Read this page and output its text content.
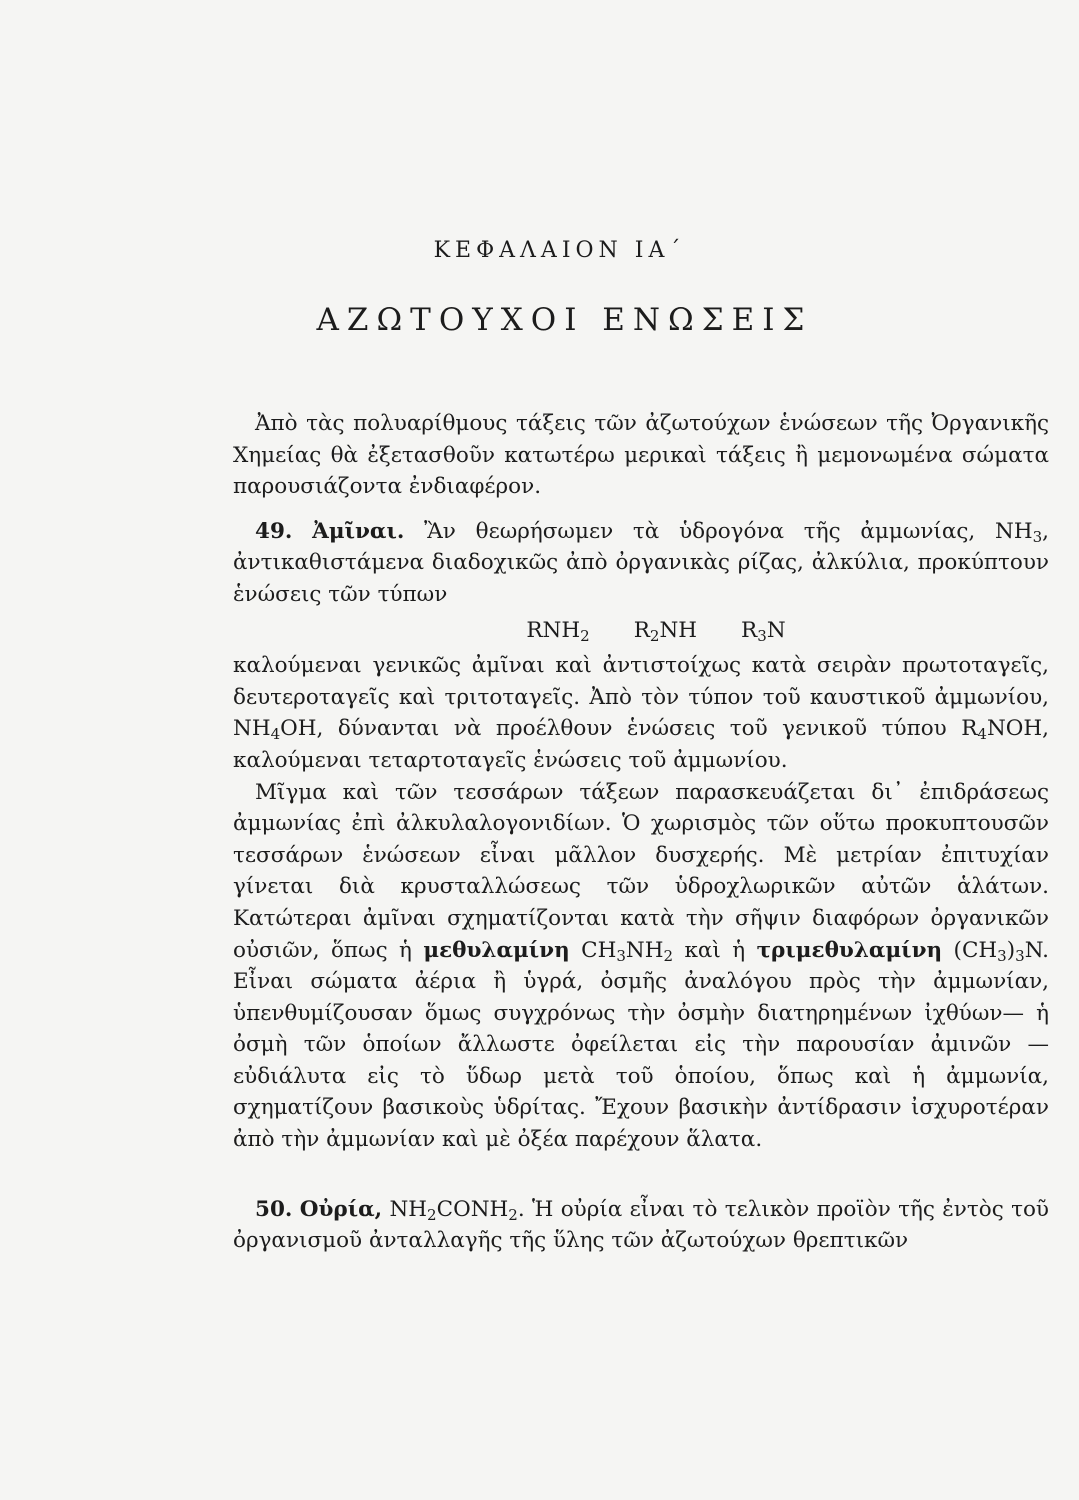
ΚΕΦΑΛΑΙΟΝ ΙΑ΄
ΑΖΩΤΟΥΧΟΙ ΕΝΩΣΕΙΣ

Ἀπὸ τὰς πολυαρίθμους τάξεις τῶν ἀζωτούχων ἑνώσεων τῆς Ὀργανικῆς Χημείας θὰ ἐξετασθοῦν κατωτέρω μερικαὶ τάξεις ἢ μεμονωμένα σώματα παρουσιάζοντα ἐνδιαφέρον.

49. Ἀμῖναι. Ἂν θεωρήσωμεν τὰ ὑδρογόνα τῆς ἀμμωνίας, $NH_3$, ἀντικαθιστάμενα διαδοχικῶς ἀπὸ ὀργανικὰς ρίζας, ἀλκύλια, προκύπτουν ἑνώσεις τῶν τύπων

$RNH_2$ $R_2NH$ $R_3N$

καλούμεναι γενικῶς ἀμῖναι καὶ ἀντιστοίχως κατὰ σειρὰν πρωτοταγεῖς, δευτεροταγεῖς καὶ τριτοταγεῖς. Ἀπὸ τὸν τύπον τοῦ καυστικοῦ ἀμμωνίου, $NH_4OH$, δύνανται νὰ προέλθουν ἑνώσεις τοῦ γενικοῦ τύπου $R_4NOH$, καλούμεναι τεταρτοταγεῖς ἑνώσεις τοῦ ἀμμωνίου.

Μῖγμα καὶ τῶν τεσσάρων τάξεων παρασκευάζεται δι᾽ ἐπιδράσεως ἀμμωνίας ἐπὶ ἀλκυλαλογονιδίων. Ὁ χωρισμὸς τῶν οὕτω προκυπτουσῶν τεσσάρων ἑνώσεων εἶναι μᾶλλον δυσχερής. Μὲ μετρίαν ἐπιτυχίαν γίνεται διὰ κρυσταλλώσεως τῶν ὑδροχλωρικῶν αὐτῶν ἁλάτων. Κατώτεραι ἀμῖναι σχηματίζονται κατὰ τὴν σῆψιν διαφόρων ὀργανικῶν οὐσιῶν, ὅπως ἡ μεθυλαμίνη $CH_3NH_2$ καὶ ἡ τριμεθυλαμίνη $(CH_3)_3N$. Εἶναι σώματα ἀέρια ἢ ὑγρά, ὀσμῆς ἀναλόγου πρὸς τὴν ἀμμωνίαν, ὑπενθυμίζουσαν ὅμως συγχρόνως τὴν ὀσμὴν διατηρημένων ἰχθύων— ἡ ὀσμὴ τῶν ὁποίων ἄλλωστε ὀφείλεται εἰς τὴν παρουσίαν ἀμινῶν — εὐδιάλυτα εἰς τὸ ὕδωρ μετὰ τοῦ ὁποίου, ὅπως καὶ ἡ ἀμμωνία, σχηματίζουν βασικοὺς ὑδρίτας. Ἔχουν βασικὴν ἀντίδρασιν ἰσχυροτέραν ἀπὸ τὴν ἀμμωνίαν καὶ μὲ ὀξέα παρέχουν ἅλατα.

50. Οὐρία, $NH_2CONH_2$. Ἡ οὐρία εἶναι τὸ τελικὸν προϊὸν τῆς ἐντὸς τοῦ ὀργανισμοῦ ἀνταλλαγῆς τῆς ὕλης τῶν ἀζωτούχων θρεπτικῶν
